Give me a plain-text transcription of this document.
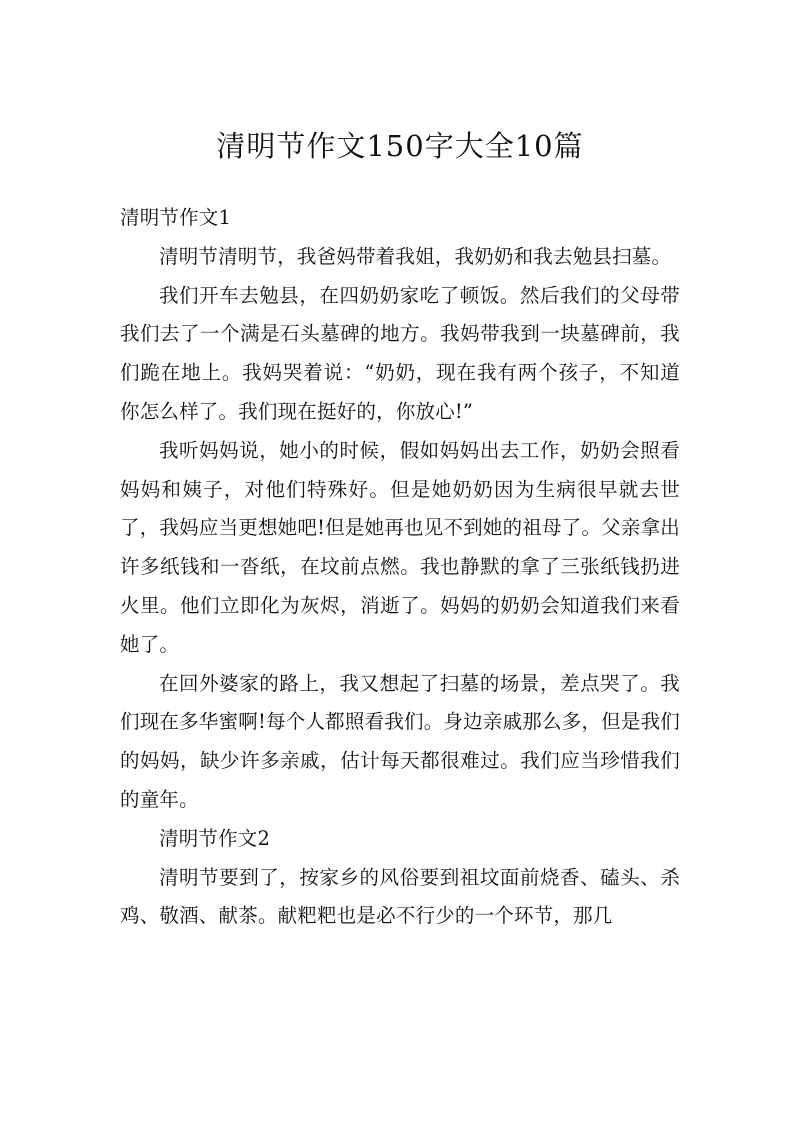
清明节作文150字大全10篇

清明节作文1

清明节清明节，我爸妈带着我姐，我奶奶和我去勉县扫墓。

我们开车去勉县，在四奶奶家吃了顿饭。然后我们的父母带我们去了一个满是石头墓碑的地方。我妈带我到一块墓碑前，我们跪在地上。我妈哭着说：“奶奶，现在我有两个孩子，不知道你怎么样了。我们现在挺好的，你放心!”

我听妈妈说，她小的时候，假如妈妈出去工作，奶奶会照看妈妈和姨子，对他们特殊好。但是她奶奶因为生病很早就去世了，我妈应当更想她吧!但是她再也见不到她的祖母了。父亲拿出许多纸钱和一沓纸，在坟前点燃。我也静默的拿了三张纸钱扔进火里。他们立即化为灰烬，消逝了。妈妈的奶奶会知道我们来看她了。

在回外婆家的路上，我又想起了扫墓的场景，差点哭了。我们现在多华蜜啊!每个人都照看我们。身边亲戚那么多，但是我们的妈妈，缺少许多亲戚，估计每天都很难过。我们应当珍惜我们的童年。

清明节作文2

清明节要到了，按家乡的风俗要到祖坟面前烧香、磕头、杀鸡、敬酒、献茶。献粑粑也是必不行少的一个环节，那几
